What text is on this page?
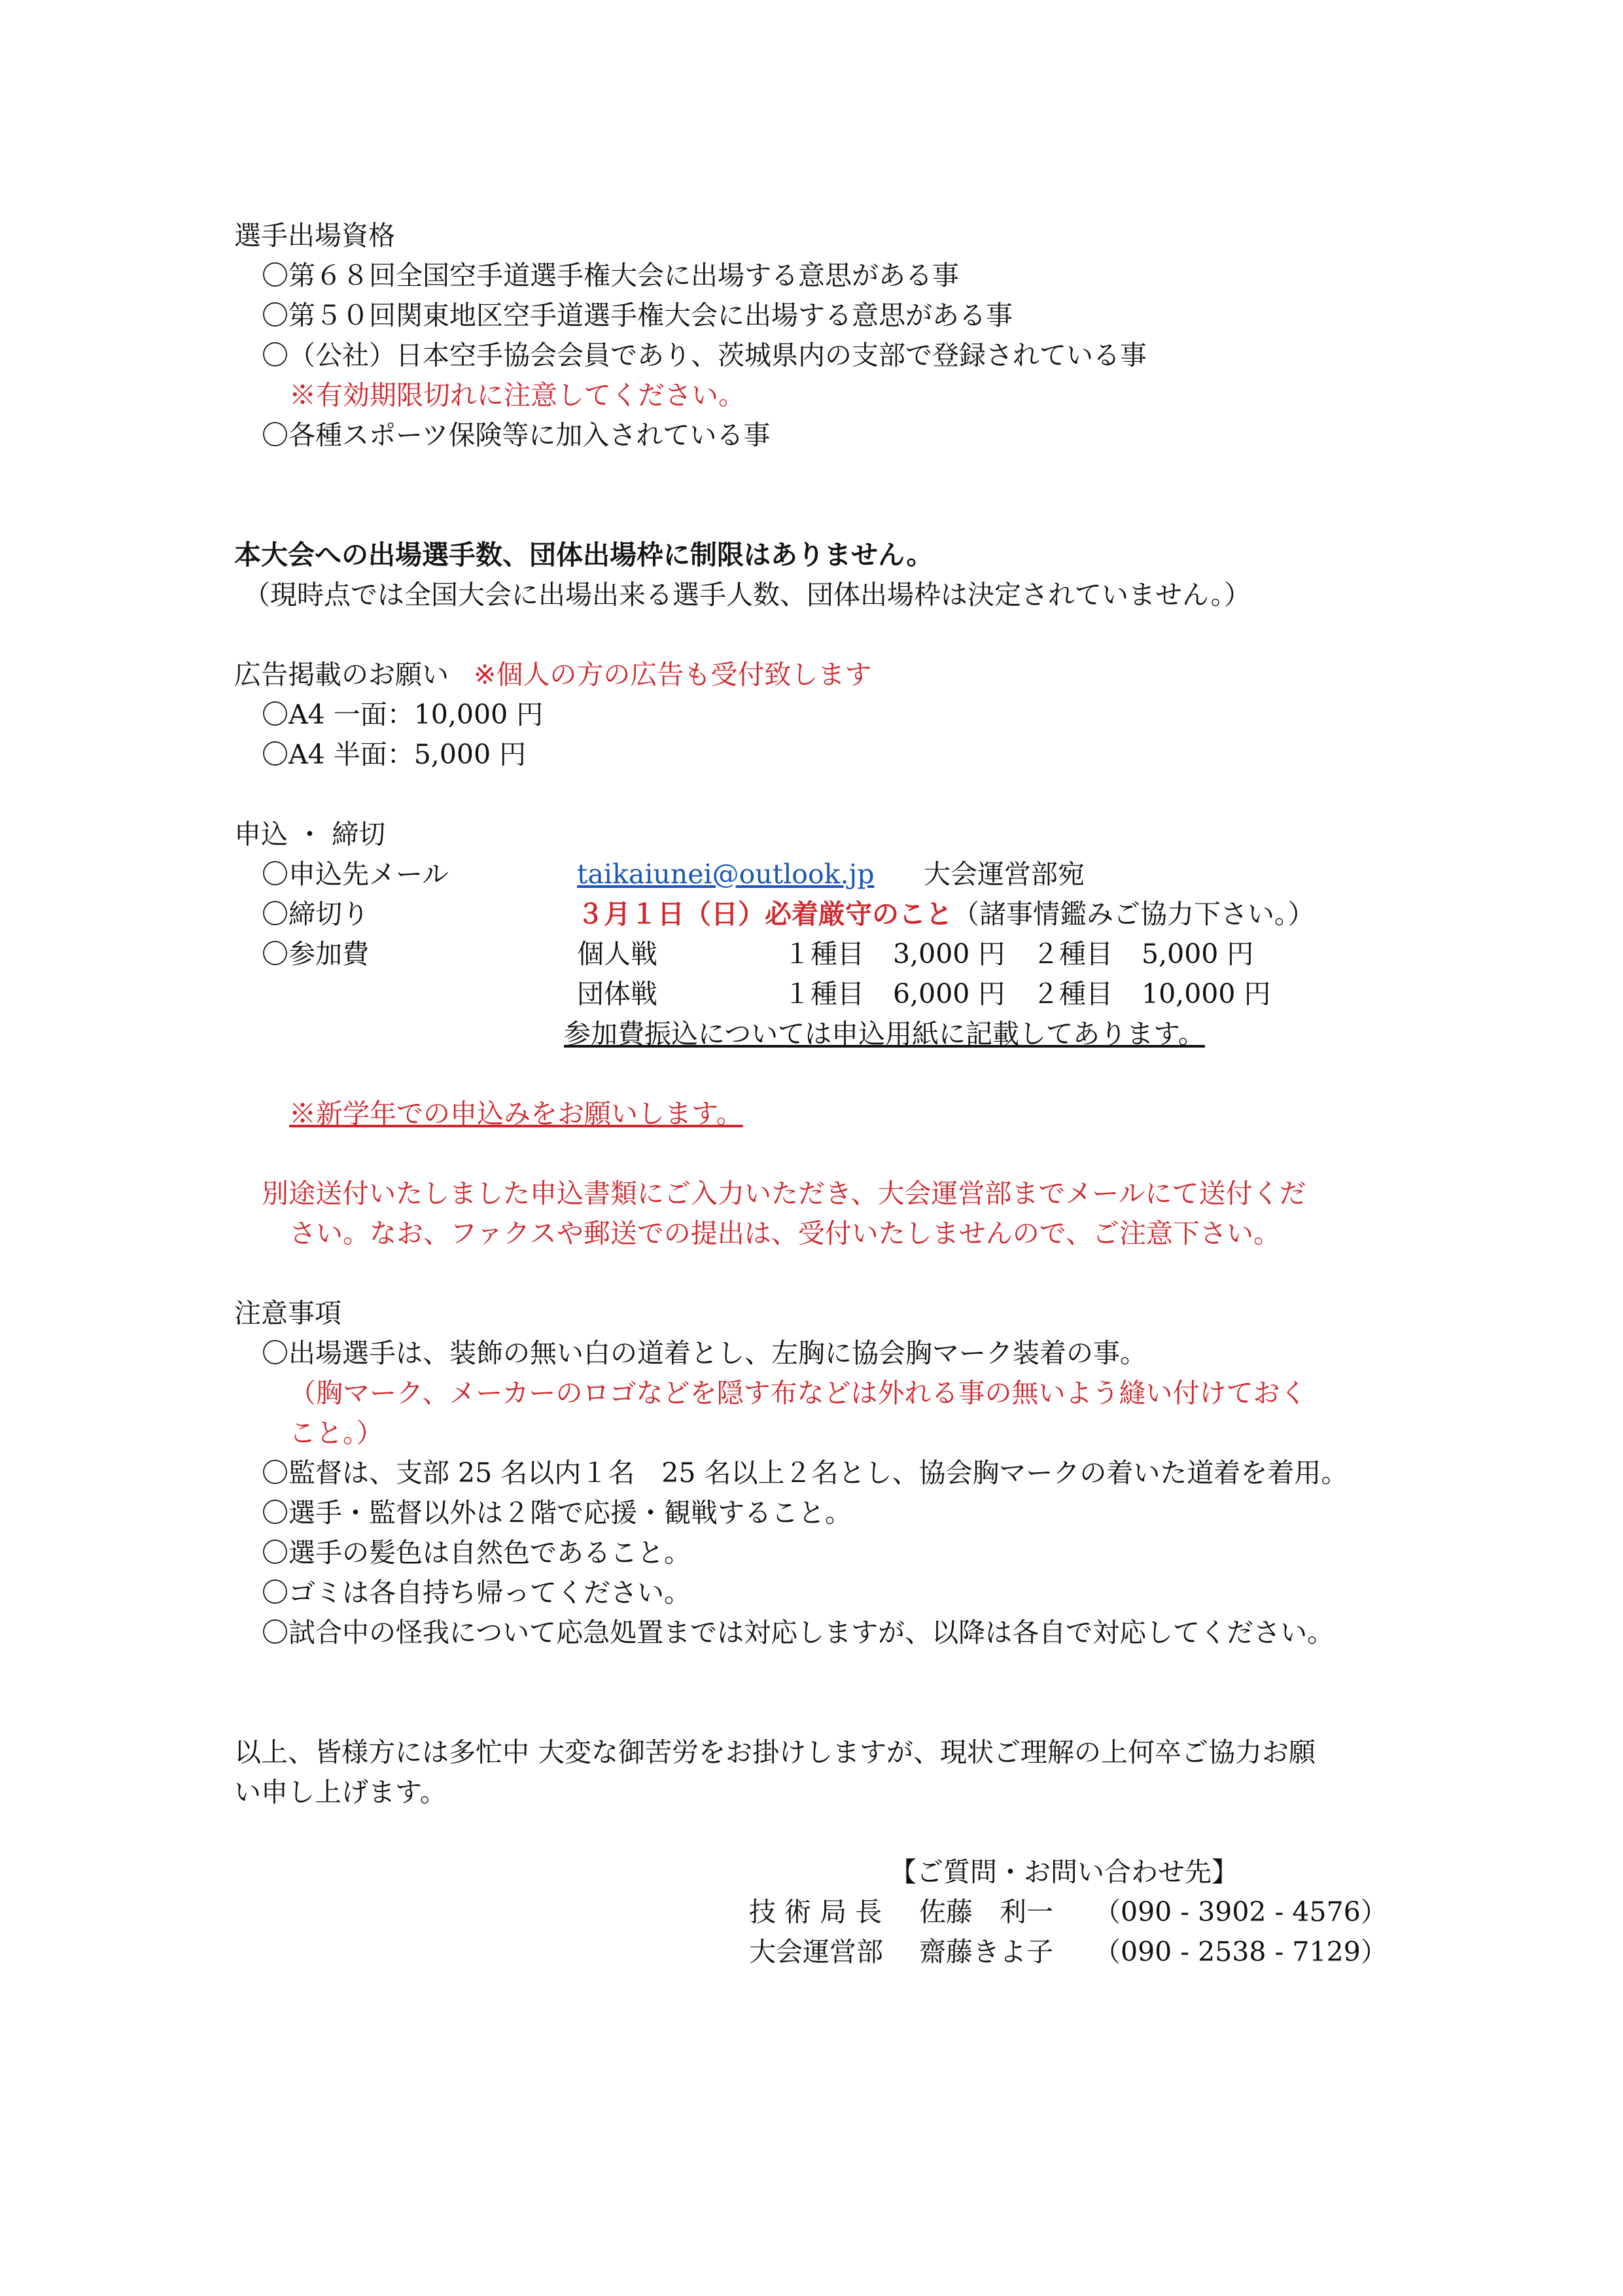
選手出場資格
〇第６８回全国空手道選手権大会に出場する意思がある事
〇第５０回関東地区空手道選手権大会に出場する意思がある事
〇（公社）日本空手協会会員であり、茨城県内の支部で登録されている事
※有効期限切れに注意してください。
〇各種スポーツ保険等に加入されている事
本大会への出場選手数、団体出場枠に制限はありません。
（現時点では全国大会に出場出来る選手人数、団体出場枠は決定されていません。）
広告掲載のお願い ※個人の方の広告も受付致します
〇A4 一面：10,000 円
〇A4 半面：5,000 円
申込 ・ 締切
〇申込先メール	taikaiunei@outlook.jp 大会運営部宛
〇締切り	３月１日（日）必着厳守のこと（諸事情鑑みご協力下さい。）
〇参加費	個人戦	１種目 3,000 円 ２種目 5,000 円
団体戦	１種目 6,000 円 ２種目 10,000 円
参加費振込については申込用紙に記載してあります。
※新学年での申込みをお願いします。
別途送付いたしました申込書類にご入力いただき、大会運営部までメールにて送付くだ
さい。なお、ファクスや郵送での提出は、受付いたしませんので、ご注意下さい。
注意事項
〇出場選手は、装飾の無い白の道着とし、左胸に協会胸マーク装着の事。
（胸マーク、メーカーのロゴなどを隠す布などは外れる事の無いよう縫い付けておく
こと。）
〇監督は、支部 25 名以内１名　25 名以上２名とし、協会胸マークの着いた道着を着用。
〇選手・監督以外は２階で応援・観戦すること。
〇選手の髪色は自然色であること。
〇ゴミは各自持ち帰ってください。
〇試合中の怪我について応急処置までは対応しますが、以降は各自で対応してください。
以上、皆様方には多忙中 大変な御苦労をお掛けしますが、現状ご理解の上何卒ご協力お願
い申し上げます。
【ご質問・お問い合わせ先】
技 術 局 長 佐藤　利一 （090 - 3902 - 4576）
大会運営部 齋藤きよ子 （090 - 2538 - 7129）
